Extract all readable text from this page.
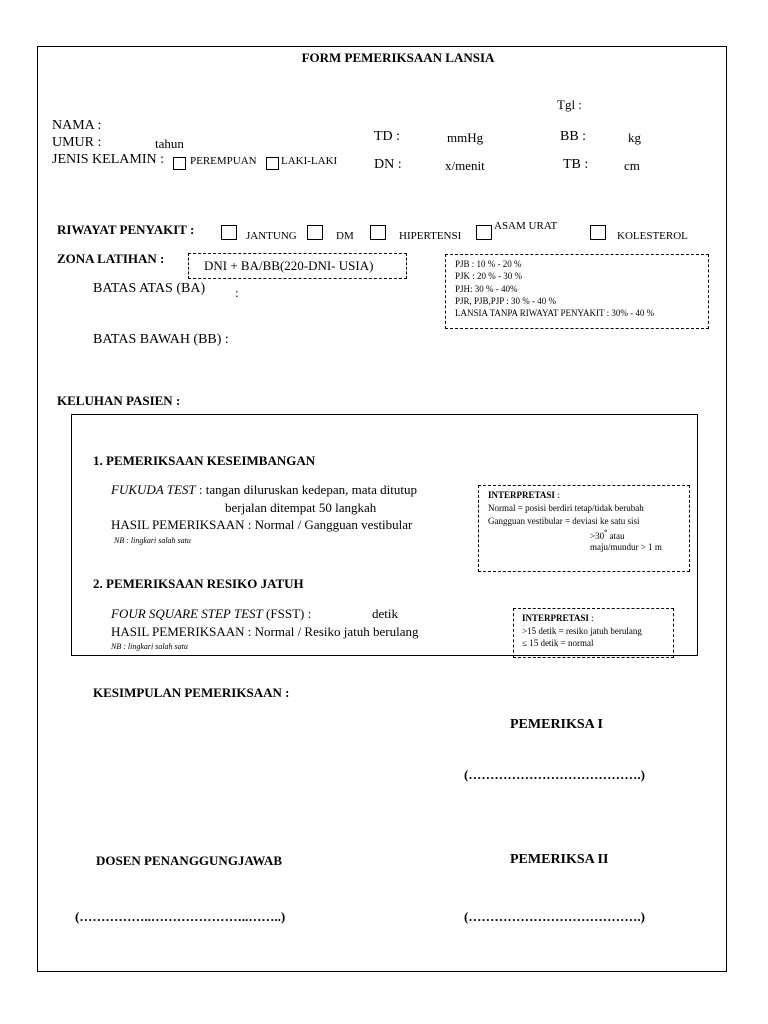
FORM PEMERIKSAAN LANSIA
Tgl :
NAMA :
UMUR :	tahun
JENIS KELAMIN : PEREMPUAN LAKI-LAKI
TD :	mmHg	BB :	kg
DN :	x/menit	TB :	cm
RIWAYAT PENYAKIT :	JANTUNG	DM	HIPERTENSI
ASAM URAT
KOLESTEROL
ZONA LATIHAN :	DNI + BA/BB(220-DNI- USIA)
BATAS ATAS (BA) :
BATAS BAWAH (BB) :
PJB : 10 % - 20 %
PJK : 20 % - 30 %
PJH: 30 % - 40%
PJR, PJB,PJP : 30 % - 40 %
LANSIA TANPA RIWAYAT PENYAKIT : 30% - 40 %
KELUHAN PASIEN :
1. PEMERIKSAAN KESEIMBANGAN
FUKUDA TEST : tangan diluruskan kedepan, mata ditutup
berjalan ditempat 50 langkah
HASIL PEMERIKSAAN : Normal / Gangguan vestibular
NB : lingkari salah satu
INTERPRETASI :
Normal = posisi berdiri tetap/tidak berubah
Gangguan vestibular = deviasi ke satu sisi
>30° atau
maju/mundur > 1 m
2. PEMERIKSAAN RESIKO JATUH
FOUR SQUARE STEP TEST (FSST) :	detik
HASIL PEMERIKSAAN : Normal / Resiko jatuh berulang
NB : lingkari salah satu
INTERPRETASI :
>15 detik = resiko jatuh berulang
≤ 15 detik = normal
KESIMPULAN PEMERIKSAAN :
PEMERIKSA I
(………………………………….)
DOSEN PENANGGUNGJAWAB	PEMERIKSA II
(……………..…………………..……..)	(………………………………….)
